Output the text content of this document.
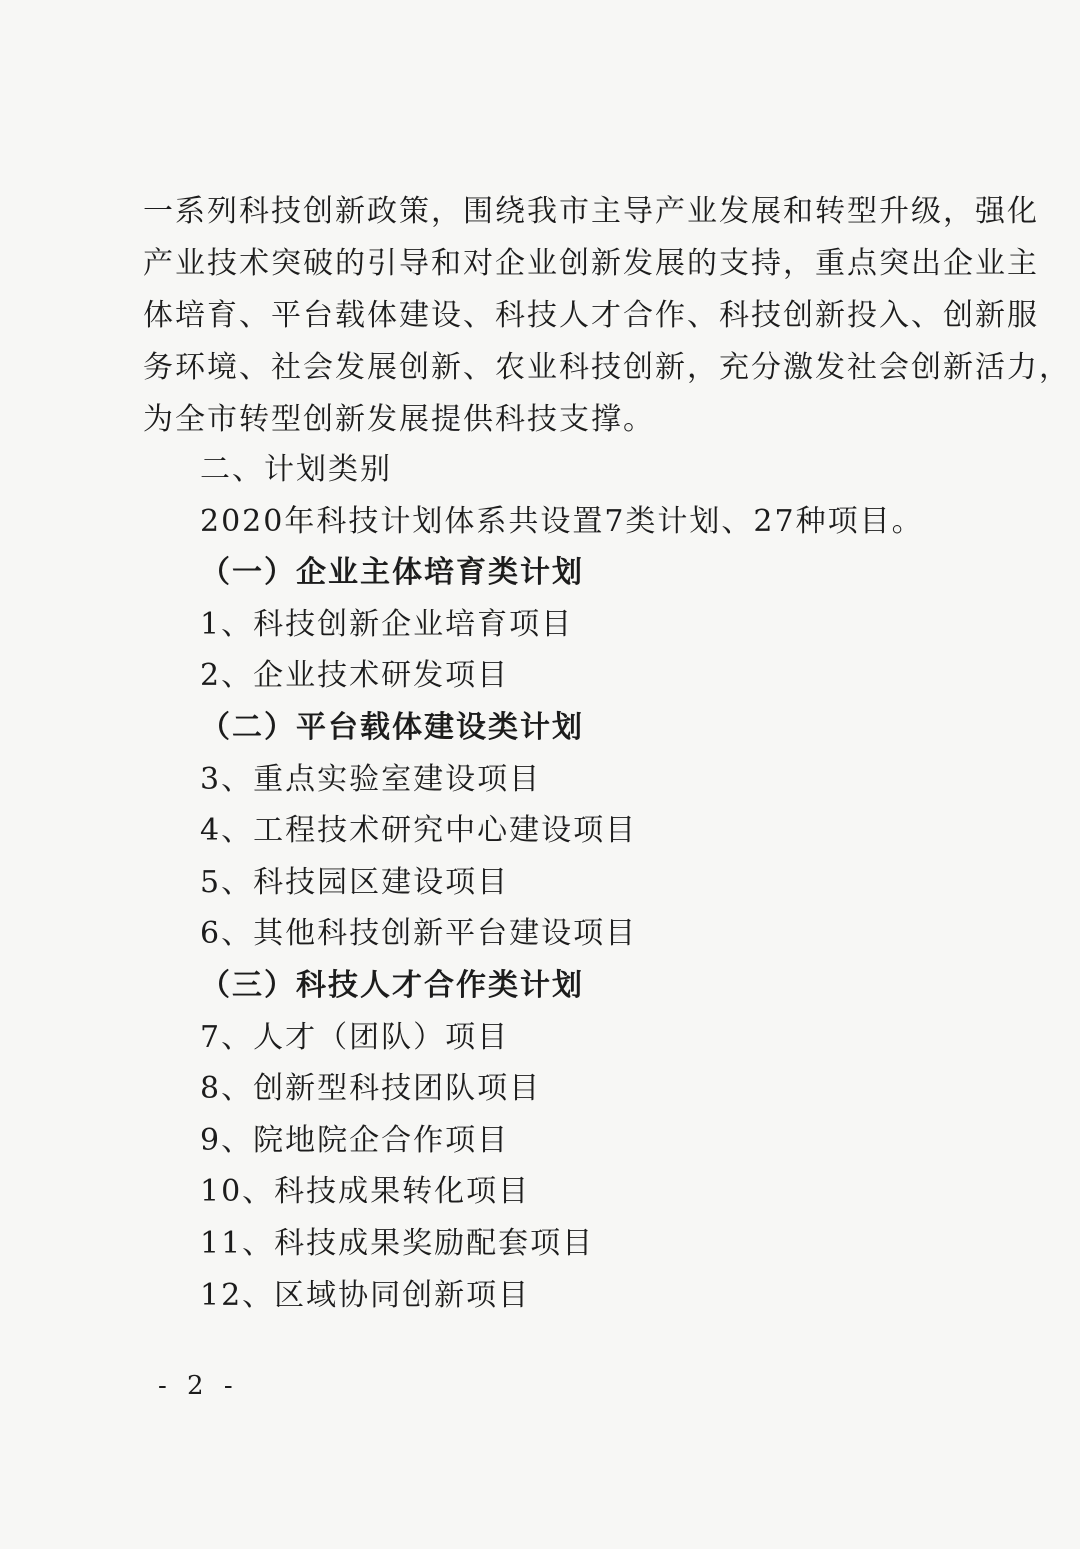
一系列科技创新政策，围绕我市主导产业发展和转型升级，强化
产业技术突破的引导和对企业创新发展的支持，重点突出企业主
体培育、平台载体建设、科技人才合作、科技创新投入、创新服
务环境、社会发展创新、农业科技创新，充分激发社会创新活力，
为全市转型创新发展提供科技支撑。
二、计划类别
2020年科技计划体系共设置7类计划、27种项目。
（一）企业主体培育类计划
1、科技创新企业培育项目
2、企业技术研发项目
（二）平台载体建设类计划
3、重点实验室建设项目
4、工程技术研究中心建设项目
5、科技园区建设项目
6、其他科技创新平台建设项目
（三）科技人才合作类计划
7、人才（团队）项目
8、创新型科技团队项目
9、院地院企合作项目
10、科技成果转化项目
11、科技成果奖励配套项目
12、区域协同创新项目
- 2 -
